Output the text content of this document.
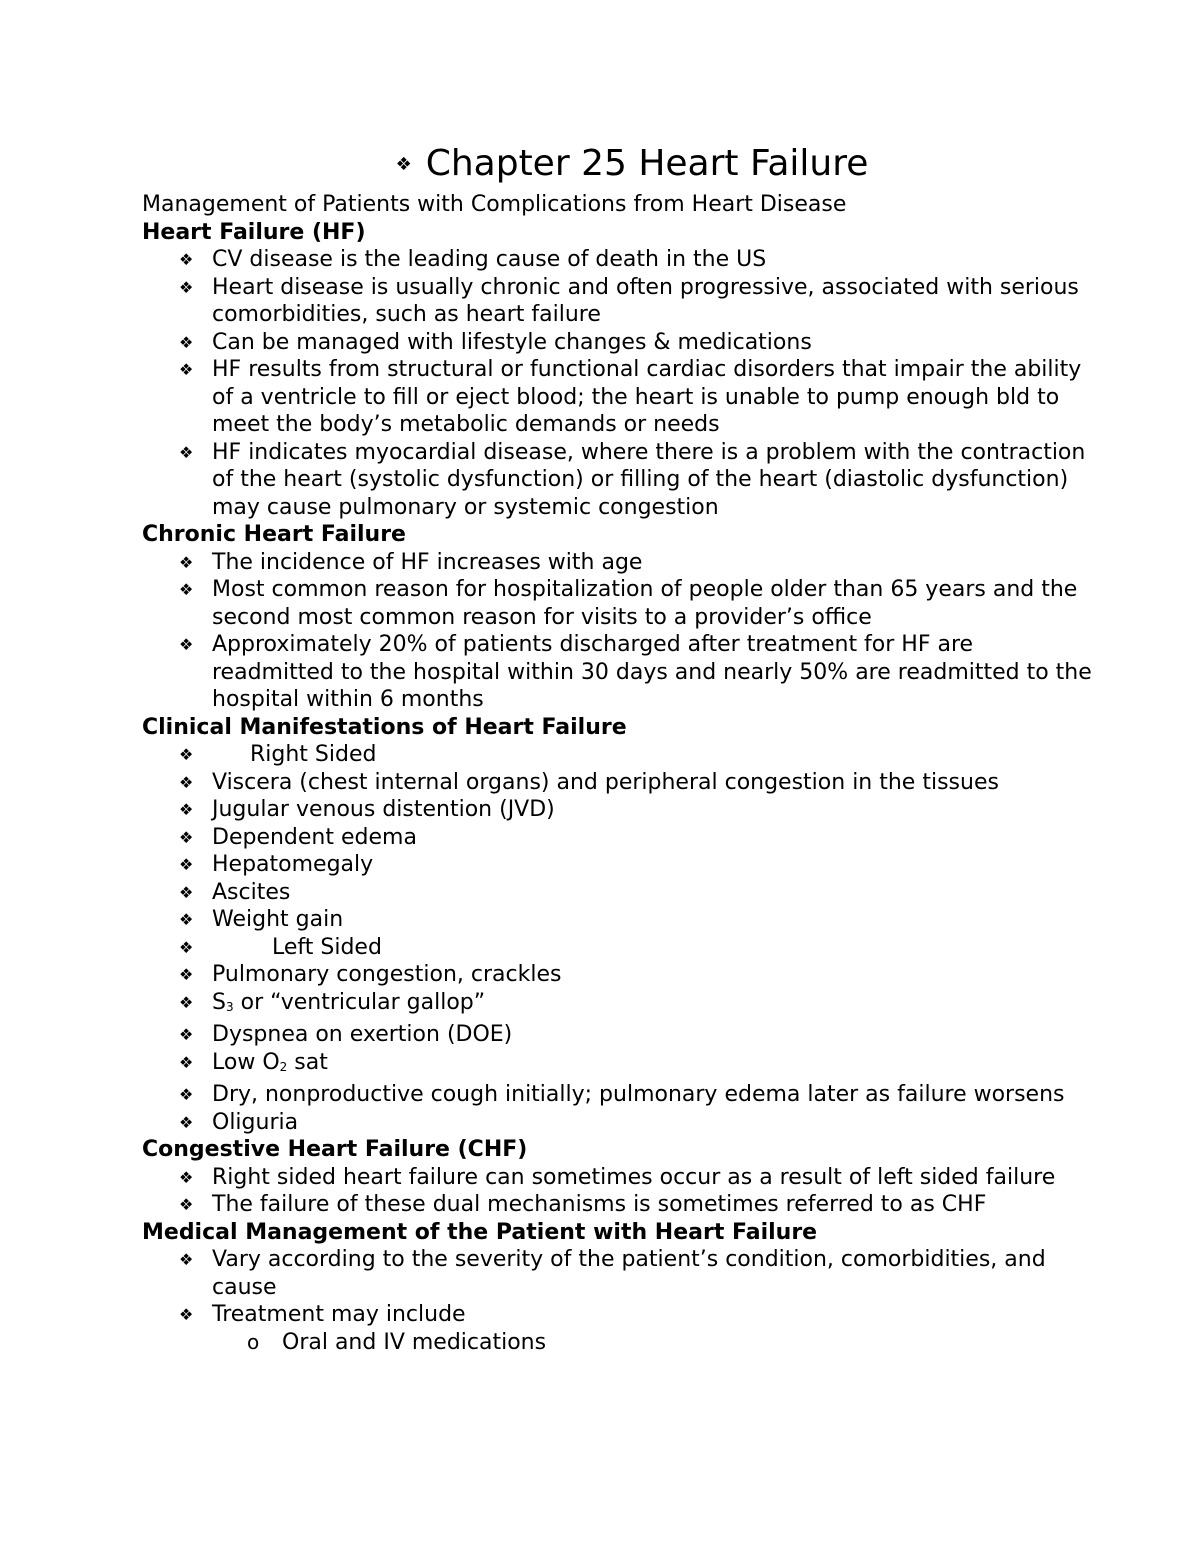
❖ Chapter 25 Heart Failure
Management of Patients with Complications from Heart Disease
Heart Failure (HF)
❖ CV disease is the leading cause of death in the US
❖ Heart disease is usually chronic and often progressive, associated with serious comorbidities, such as heart failure
❖ Can be managed with lifestyle changes & medications
❖ HF results from structural or functional cardiac disorders that impair the ability of a ventricle to fill or eject blood; the heart is unable to pump enough bld to meet the body’s metabolic demands or needs
❖ HF indicates myocardial disease, where there is a problem with the contraction of the heart (systolic dysfunction) or filling of the heart (diastolic dysfunction) may cause pulmonary or systemic congestion
Chronic Heart Failure
❖ The incidence of HF increases with age
❖ Most common reason for hospitalization of people older than 65 years and the second most common reason for visits to a provider’s office
❖ Approximately 20% of patients discharged after treatment for HF are readmitted to the hospital within 30 days and nearly 50% are readmitted to the hospital within 6 months
Clinical Manifestations of Heart Failure
❖	Right Sided
❖ Viscera (chest internal organs) and peripheral congestion in the tissues
❖ Jugular venous distention (JVD)
❖ Dependent edema
❖ Hepatomegaly
❖ Ascites
❖ Weight gain
❖	Left Sided
❖ Pulmonary congestion, crackles
❖ $S_3$ or “ventricular gallop”
❖ Dyspnea on exertion (DOE)
❖ Low $O_2$ sat
❖ Dry, nonproductive cough initially; pulmonary edema later as failure worsens
❖ Oliguria
Congestive Heart Failure (CHF)
❖ Right sided heart failure can sometimes occur as a result of left sided failure
❖ The failure of these dual mechanisms is sometimes referred to as CHF
Medical Management of the Patient with Heart Failure
❖ Vary according to the severity of the patient’s condition, comorbidities, and cause
❖ Treatment may include
o Oral and IV medications
